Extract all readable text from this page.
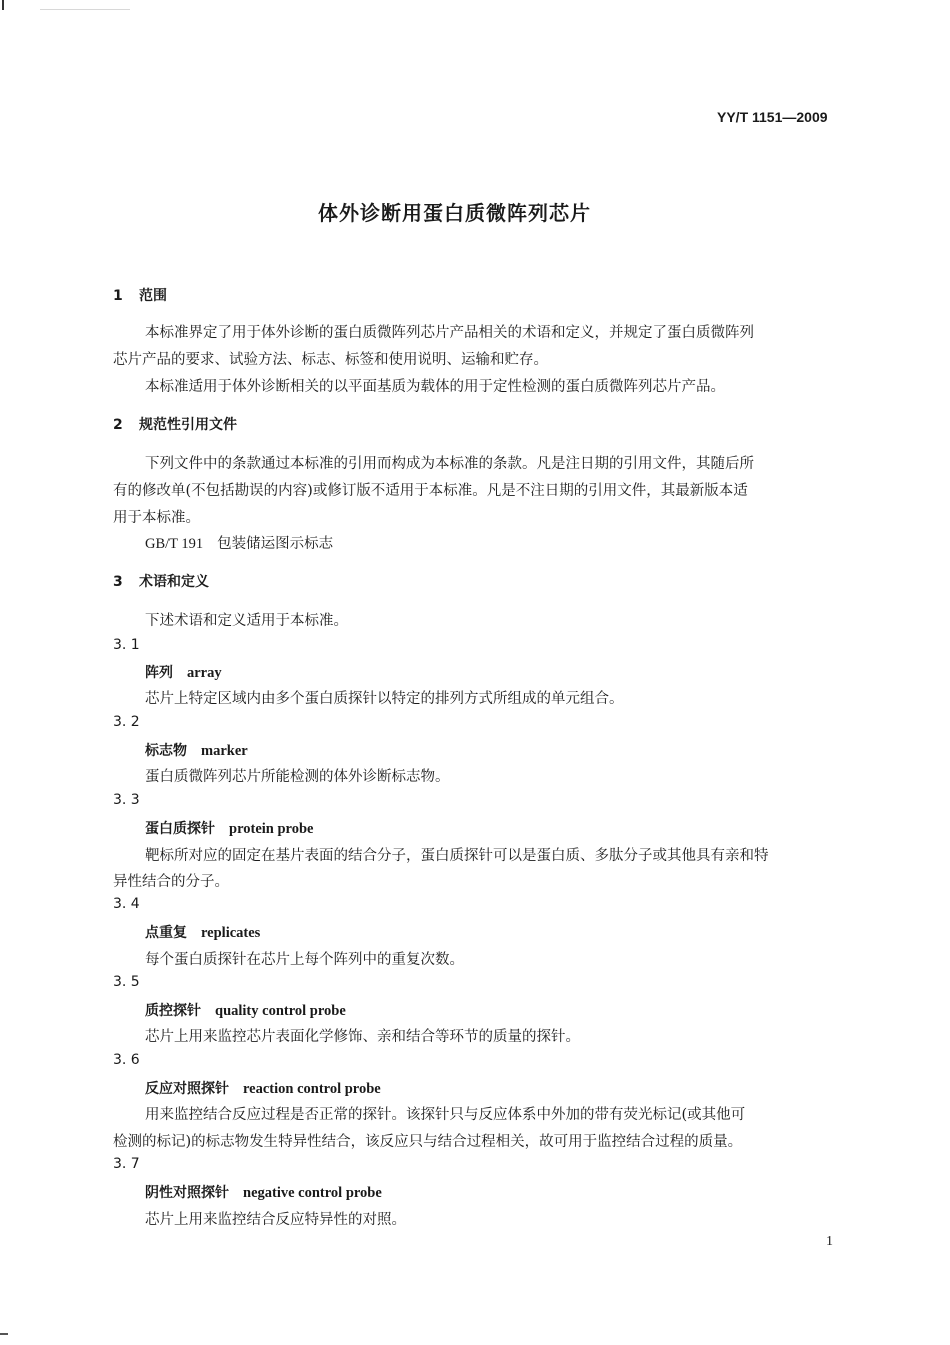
YY/T 1151—2009
体外诊断用蛋白质微阵列芯片
1 范围
本标准界定了用于体外诊断的蛋白质微阵列芯片产品相关的术语和定义，并规定了蛋白质微阵列
芯片产品的要求、试验方法、标志、标签和使用说明、运输和贮存。
本标准适用于体外诊断相关的以平面基质为载体的用于定性检测的蛋白质微阵列芯片产品。
2 规范性引用文件
下列文件中的条款通过本标准的引用而构成为本标准的条款。凡是注日期的引用文件，其随后所
有的修改单(不包括勘误的内容)或修订版不适用于本标准。凡是不注日期的引用文件，其最新版本适
用于本标准。
GB/T 191 包装储运图示标志
3 术语和定义
下述术语和定义适用于本标准。
3. 1
阵列 array
芯片上特定区域内由多个蛋白质探针以特定的排列方式所组成的单元组合。
3. 2
标志物 marker
蛋白质微阵列芯片所能检测的体外诊断标志物。
3. 3
蛋白质探针 protein probe
靶标所对应的固定在基片表面的结合分子，蛋白质探针可以是蛋白质、多肽分子或其他具有亲和特
异性结合的分子。
3. 4
点重复 replicates
每个蛋白质探针在芯片上每个阵列中的重复次数。
3. 5
质控探针 quality control probe
芯片上用来监控芯片表面化学修饰、亲和结合等环节的质量的探针。
3. 6
反应对照探针 reaction control probe
用来监控结合反应过程是否正常的探针。该探针只与反应体系中外加的带有荧光标记(或其他可
检测的标记)的标志物发生特异性结合，该反应只与结合过程相关，故可用于监控结合过程的质量。
3. 7
阴性对照探针 negative control probe
芯片上用来监控结合反应特异性的对照。
1
